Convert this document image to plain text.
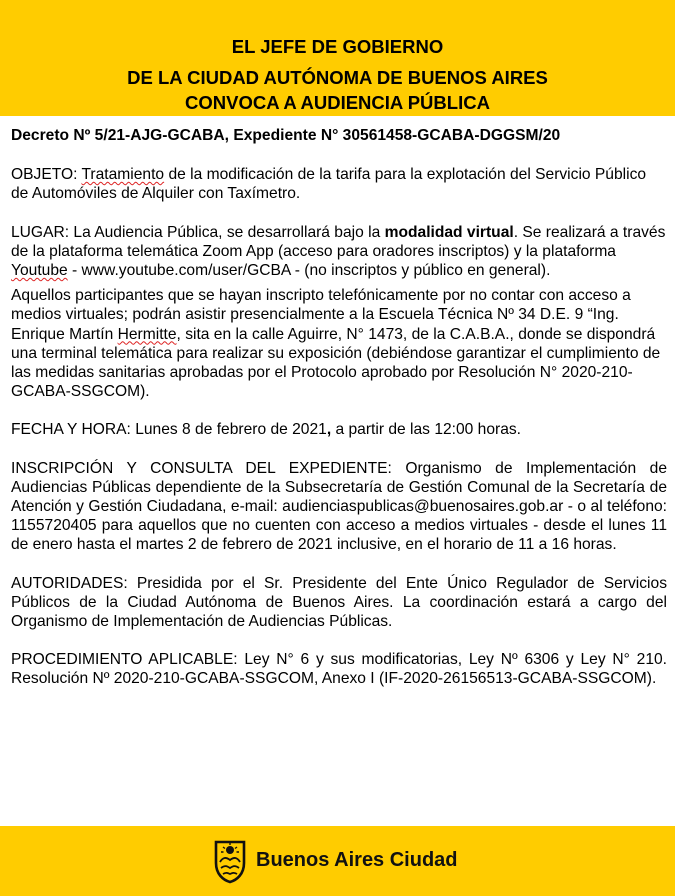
EL JEFE DE GOBIERNO
DE LA CIUDAD AUTÓNOMA DE BUENOS AIRES
CONVOCA A AUDIENCIA PÚBLICA
Decreto Nº 5/21-AJG-GCABA, Expediente N° 30561458-GCABA-DGGSM/20

OBJETO: Tratamiento de la modificación de la tarifa para la explotación del Servicio Público de Automóviles de Alquiler con Taxímetro.

LUGAR: La Audiencia Pública, se desarrollará bajo la modalidad virtual. Se realizará a través de la plataforma telemática Zoom App (acceso para oradores inscriptos) y la plataforma Youtube - www.youtube.com/user/GCBA - (no inscriptos y público en general).

Aquellos participantes que se hayan inscripto telefónicamente por no contar con acceso a medios virtuales; podrán asistir presencialmente a la Escuela Técnica Nº 34 D.E. 9 “Ing. Enrique Martín Hermitte, sita en la calle Aguirre, N° 1473, de la C.A.B.A., donde se dispondrá una terminal telemática para realizar su exposición (debiéndose garantizar el cumplimiento de las medidas sanitarias aprobadas por el Protocolo aprobado por Resolución N° 2020-210-GCABA-SSGCOM).

FECHA Y HORA: Lunes 8 de febrero de 2021, a partir de las 12:00 horas.

INSCRIPCIÓN Y CONSULTA DEL EXPEDIENTE: Organismo de Implementación de Audiencias Públicas dependiente de la Subsecretaría de Gestión Comunal de la Secretaría de Atención y Gestión Ciudadana, e-mail: audienciaspublicas@buenosaires.gob.ar - o al teléfono: 1155720405 para aquellos que no cuenten con acceso a medios virtuales - desde el lunes 11 de enero hasta el martes 2 de febrero de 2021 inclusive, en el horario de 11 a 16 horas.

AUTORIDADES: Presidida por el Sr. Presidente del Ente Único Regulador de Servicios Públicos de la Ciudad Autónoma de Buenos Aires. La coordinación estará a cargo del Organismo de Implementación de Audiencias Públicas.

PROCEDIMIENTO APLICABLE: Ley N° 6 y sus modificatorias, Ley Nº 6306 y Ley N° 210. Resolución Nº 2020-210-GCABA-SSGCOM, Anexo I (IF-2020-26156513-GCABA-SSGCOM).

Buenos Aires Ciudad
